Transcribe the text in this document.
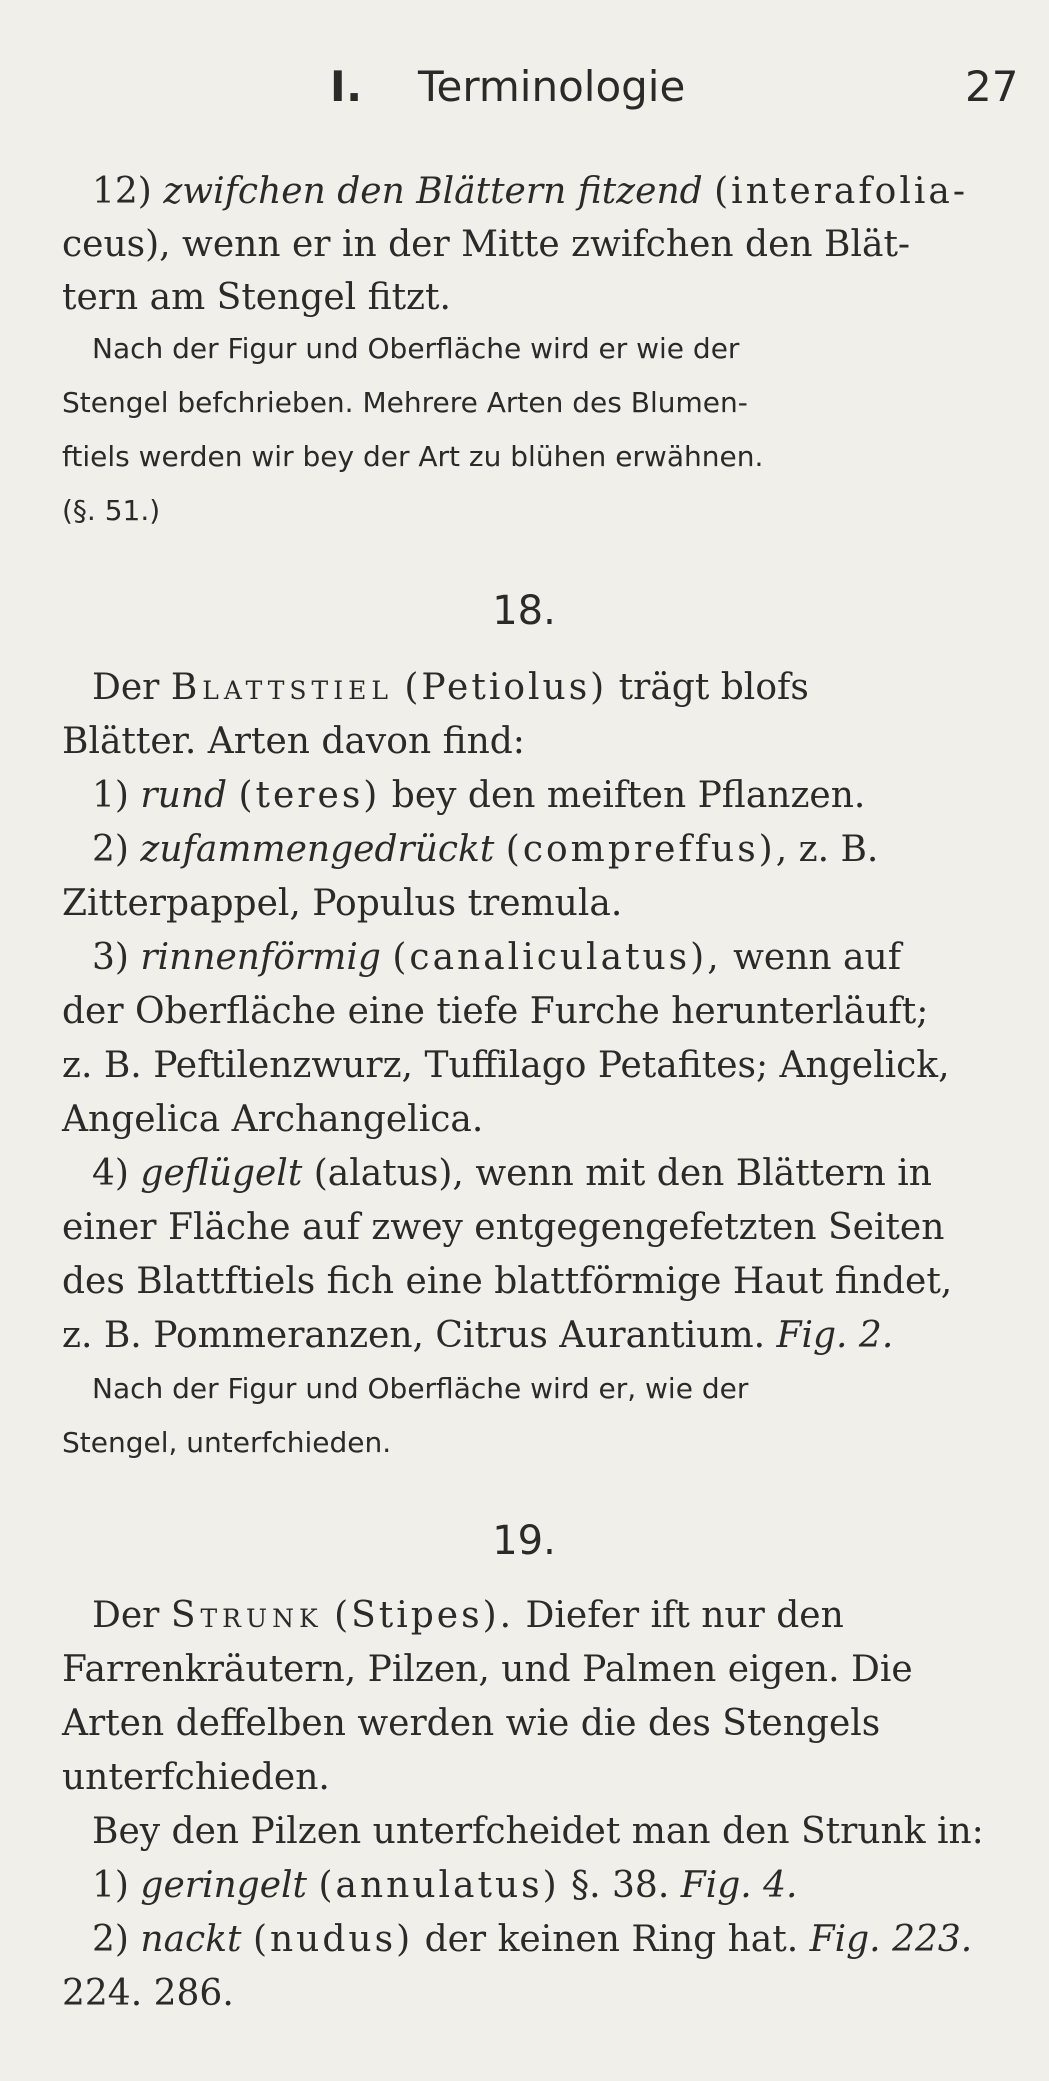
I. Terminologie	27
12) zwifchen den Blättern fitzend (interafolia-
ceus), wenn er in der Mitte zwifchen den Blät-
tern am Stengel fitzt.
Nach der Figur und Oberfläche wird er wie der
Stengel befchrieben. Mehrere Arten des Blumen-
ftiels werden wir bey der Art zu blühen erwähnen.
(§. 51.)
18.
Der Blattstiel (Petiolus) trägt blofs
Blätter. Arten davon find:
1) rund (teres) bey den meiften Pflanzen.
2) zufammengedrückt (compreffus), z. B.
Zitterpappel, Populus tremula.
3) rinnenförmig (canaliculatus), wenn auf
der Oberfläche eine tiefe Furche herunterläuft;
z. B. Peftilenzwurz, Tuffilago Petafites; Angelick,
Angelica Archangelica.
4) geflügelt (alatus), wenn mit den Blättern in
einer Fläche auf zwey entgegengefetzten Seiten
des Blattftiels fich eine blattförmige Haut findet,
z. B. Pommeranzen, Citrus Aurantium. Fig. 2.
Nach der Figur und Oberfläche wird er, wie der
Stengel, unterfchieden.
19.
Der Strunk (Stipes). Diefer ift nur den
Farrenkräutern, Pilzen, und Palmen eigen. Die
Arten deffelben werden wie die des Stengels
unterfchieden.
Bey den Pilzen unterfcheidet man den Strunk in:
1) geringelt (annulatus) §. 38. Fig. 4.
2) nackt (nudus) der keinen Ring hat. Fig. 223.
224. 286.
